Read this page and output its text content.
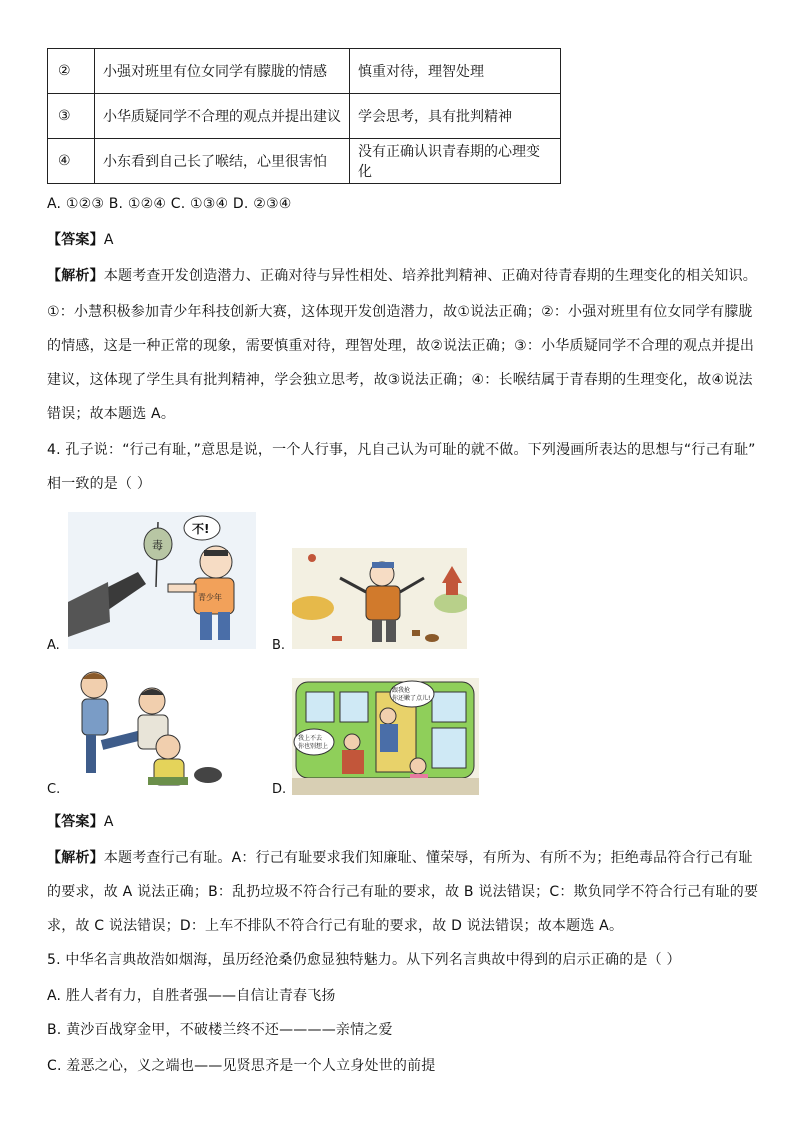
②	小强对班里有位女同学有朦胧的情感	慎重对待，理智处理
③	小华质疑同学不合理的观点并提出建议	学会思考，具有批判精神
④	小东看到自己长了喉结，心里很害怕	没有正确认识青春期的心理变化
A. ①②③ B. ①②④ C. ①③④ D. ②③④
【答案】A
【解析】本题考查开发创造潜力、正确对待与异性相处、培养批判精神、正确对待青春期的生理变化的相关知识。
①：小慧积极参加青少年科技创新大赛，这体现开发创造潜力，故①说法正确；②：小强对班里有位女同学有朦胧
的情感，这是一种正常的现象，需要慎重对待，理智处理，故②说法正确；③：小华质疑同学不合理的观点并提出
建议，这体现了学生具有批判精神，学会独立思考，故③说法正确；④：长喉结属于青春期的生理变化，故④说法
错误；故本题选 A。
4. 孔子说：“行己有耻，”意思是说，一个人行事，凡自己认为可耻的就不做。下列漫画所表达的思想与“行己有耻”
相一致的是（ ）
A.
毒
不!
青少年
B.
C.	D.
跟我抢
你还嫩了点儿!
我上不去
你也别想上
【答案】A
【解析】本题考查行己有耻。A：行己有耻要求我们知廉耻、懂荣辱，有所为、有所不为；拒绝毒品符合行己有耻
的要求，故 A 说法正确；B：乱扔垃圾不符合行己有耻的要求，故 B 说法错误；C：欺负同学不符合行己有耻的要
求，故 C 说法错误；D：上车不排队不符合行己有耻的要求，故 D 说法错误；故本题选 A。
5. 中华名言典故浩如烟海，虽历经沧桑仍愈显独特魅力。从下列名言典故中得到的启示正确的是（ ）
A. 胜人者有力，自胜者强——自信让青春飞扬
B. 黄沙百战穿金甲，不破楼兰终不还————亲情之爱
C. 羞恶之心，义之端也——见贤思齐是一个人立身处世的前提
